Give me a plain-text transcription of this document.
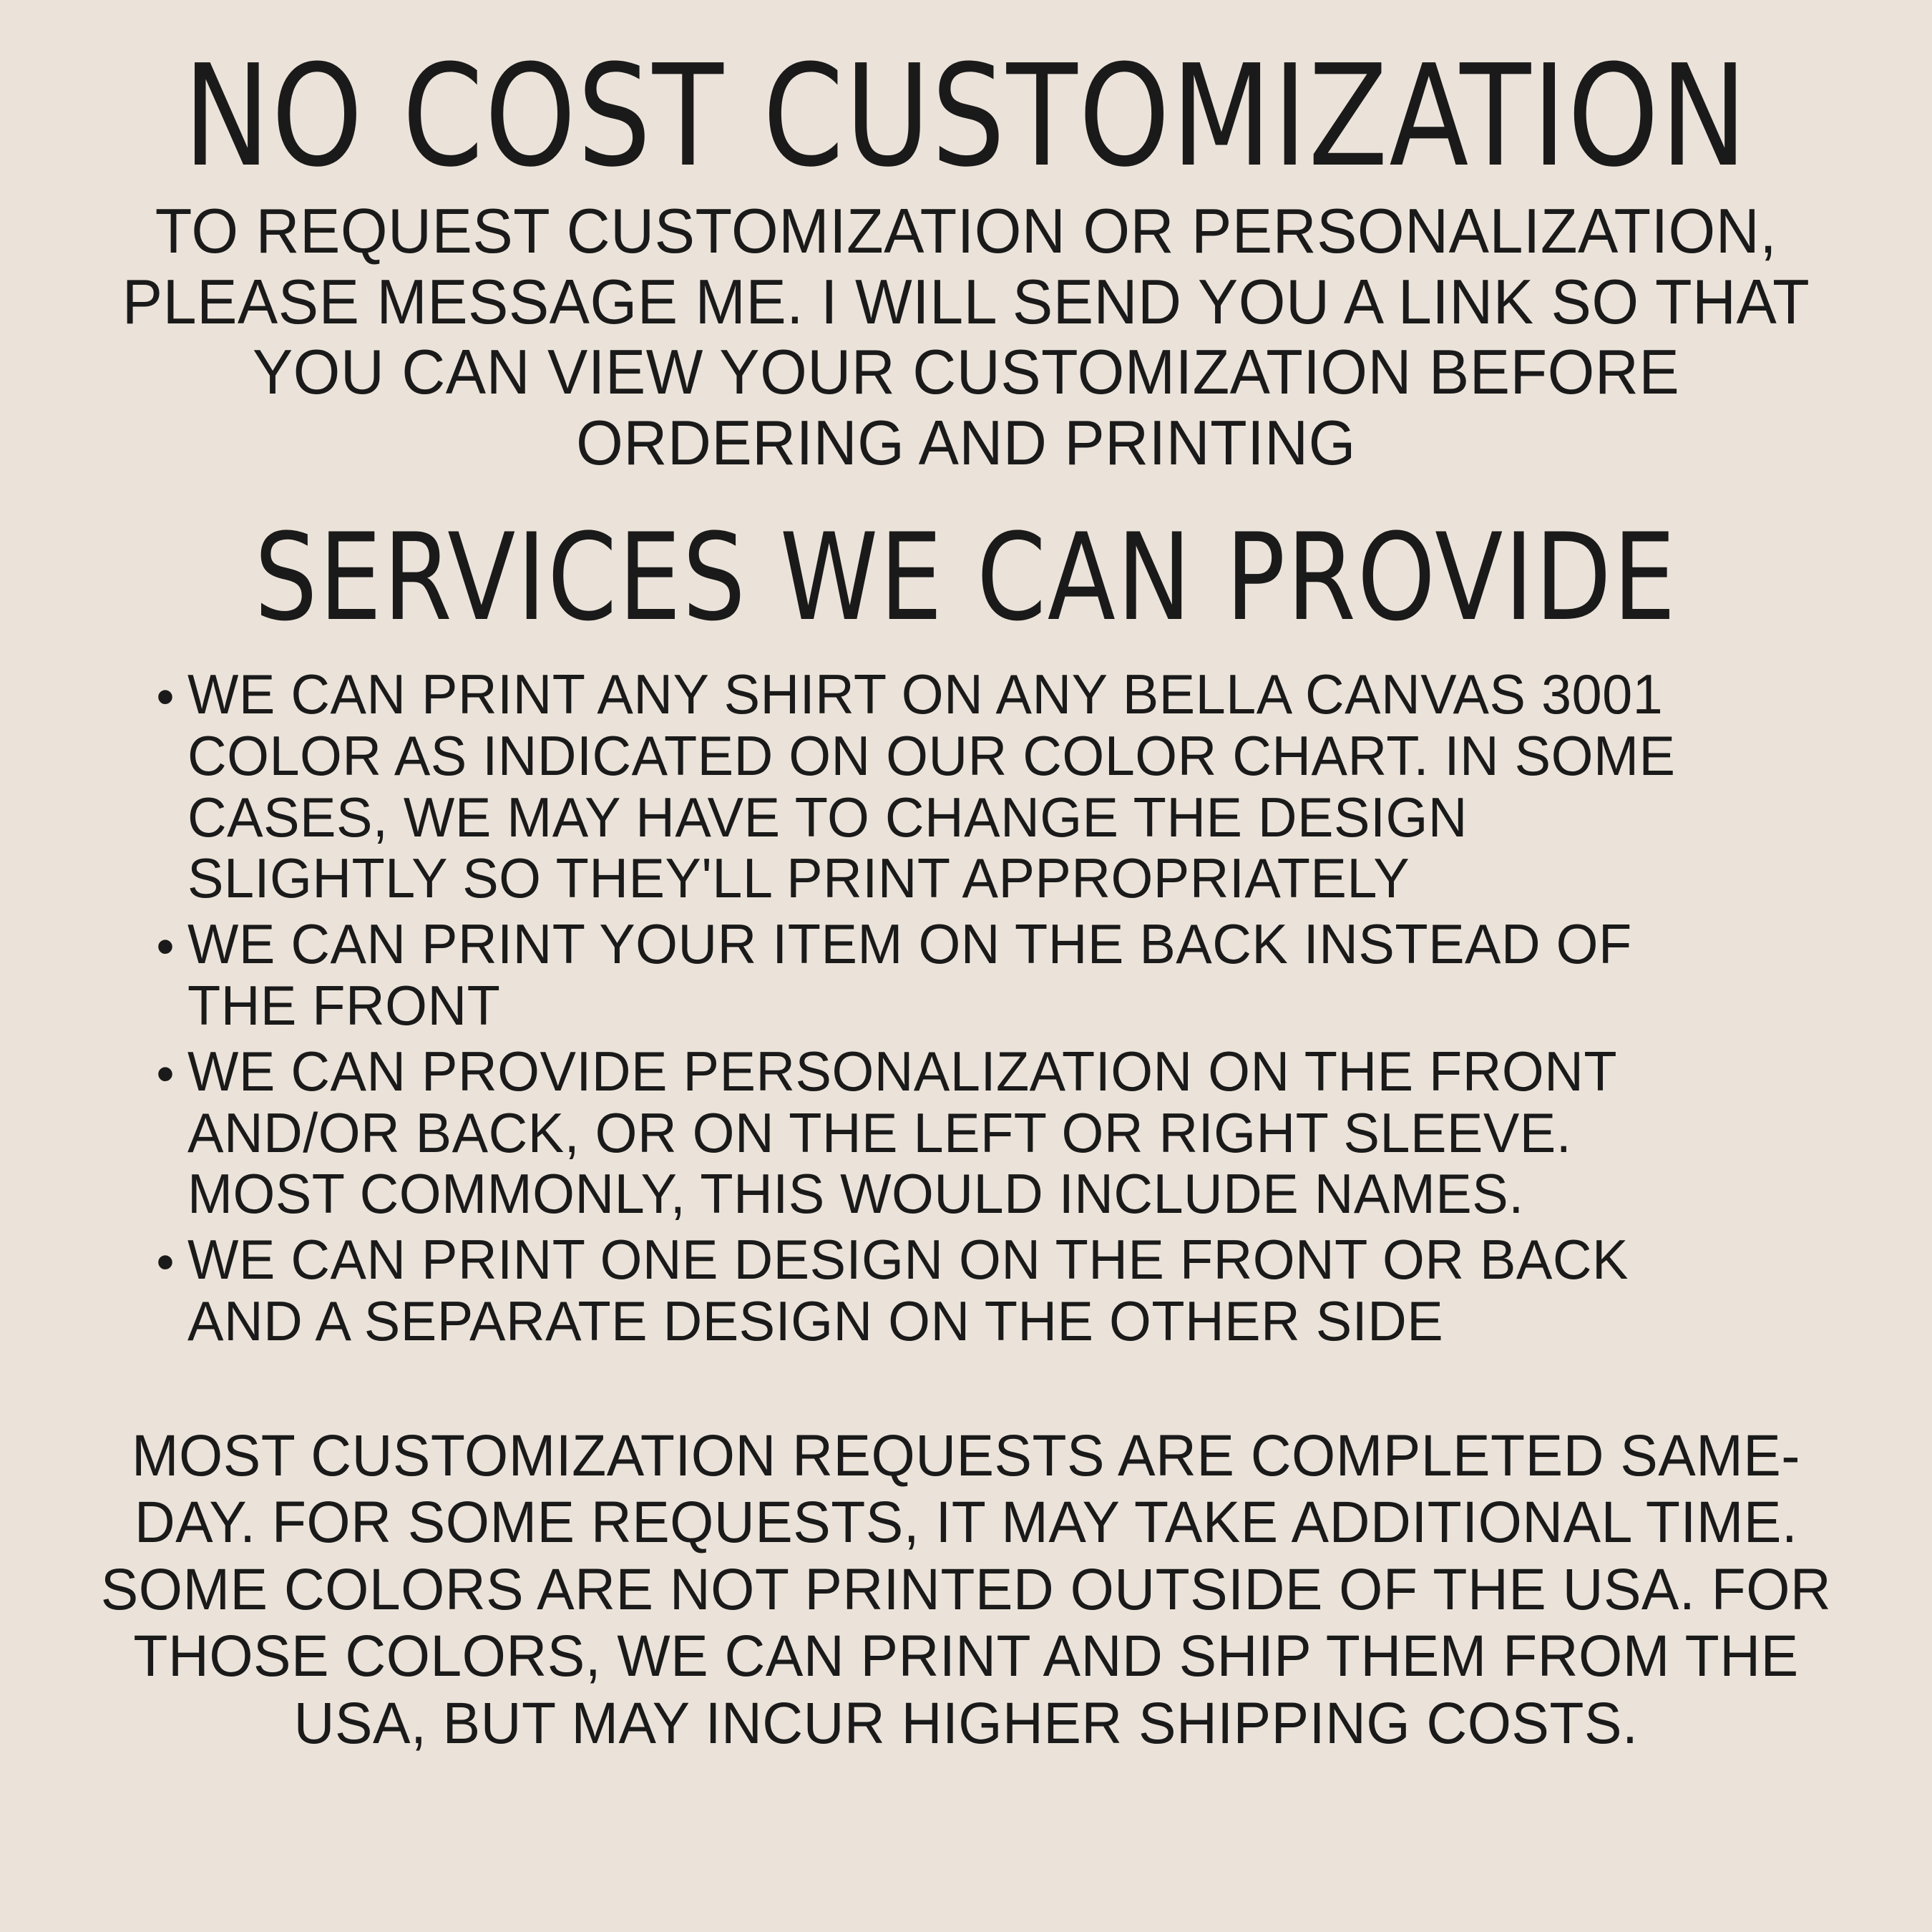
NO COST CUSTOMIZATION

TO REQUEST CUSTOMIZATION OR PERSONALIZATION, PLEASE MESSAGE ME. I WILL SEND YOU A LINK SO THAT YOU CAN VIEW YOUR CUSTOMIZATION BEFORE ORDERING AND PRINTING

SERVICES WE CAN PROVIDE
• WE CAN PRINT ANY SHIRT ON ANY BELLA CANVAS 3001 COLOR AS INDICATED ON OUR COLOR CHART. IN SOME CASES, WE MAY HAVE TO CHANGE THE DESIGN SLIGHTLY SO THEY'LL PRINT APPROPRIATELY
• WE CAN PRINT YOUR ITEM ON THE BACK INSTEAD OF THE FRONT
• WE CAN PROVIDE PERSONALIZATION ON THE FRONT AND/OR BACK, OR ON THE LEFT OR RIGHT SLEEVE. MOST COMMONLY, THIS WOULD INCLUDE NAMES.
• WE CAN PRINT ONE DESIGN ON THE FRONT OR BACK AND A SEPARATE DESIGN ON THE OTHER SIDE

MOST CUSTOMIZATION REQUESTS ARE COMPLETED SAME-DAY. FOR SOME REQUESTS, IT MAY TAKE ADDITIONAL TIME. SOME COLORS ARE NOT PRINTED OUTSIDE OF THE USA. FOR THOSE COLORS, WE CAN PRINT AND SHIP THEM FROM THE USA, BUT MAY INCUR HIGHER SHIPPING COSTS.
